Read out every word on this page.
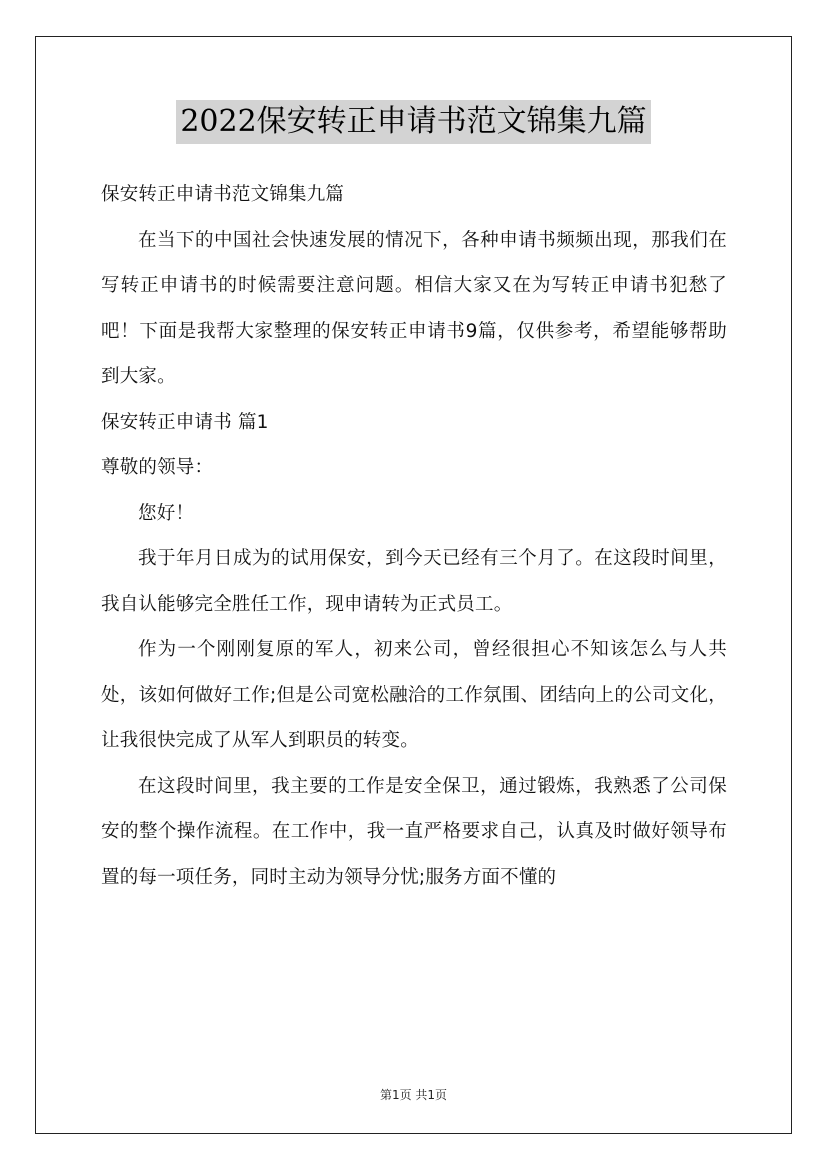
2022保安转正申请书范文锦集九篇

保安转正申请书范文锦集九篇

在当下的中国社会快速发展的情况下，各种申请书频频出现，那我们在写转正申请书的时候需要注意问题。相信大家又在为写转正申请书犯愁了吧！下面是我帮大家整理的保安转正申请书9篇，仅供参考，希望能够帮助到大家。

保安转正申请书 篇1

尊敬的领导：

您好！

我于年月日成为的试用保安，到今天已经有三个月了。在这段时间里，我自认能够完全胜任工作，现申请转为正式员工。

作为一个刚刚复原的军人，初来公司，曾经很担心不知该怎么与人共处，该如何做好工作;但是公司宽松融洽的工作氛围、团结向上的公司文化，让我很快完成了从军人到职员的转变。

在这段时间里，我主要的工作是安全保卫，通过锻炼，我熟悉了公司保安的整个操作流程。在工作中，我一直严格要求自己，认真及时做好领导布置的每一项任务，同时主动为领导分忧;服务方面不懂的

第1页 共1页
